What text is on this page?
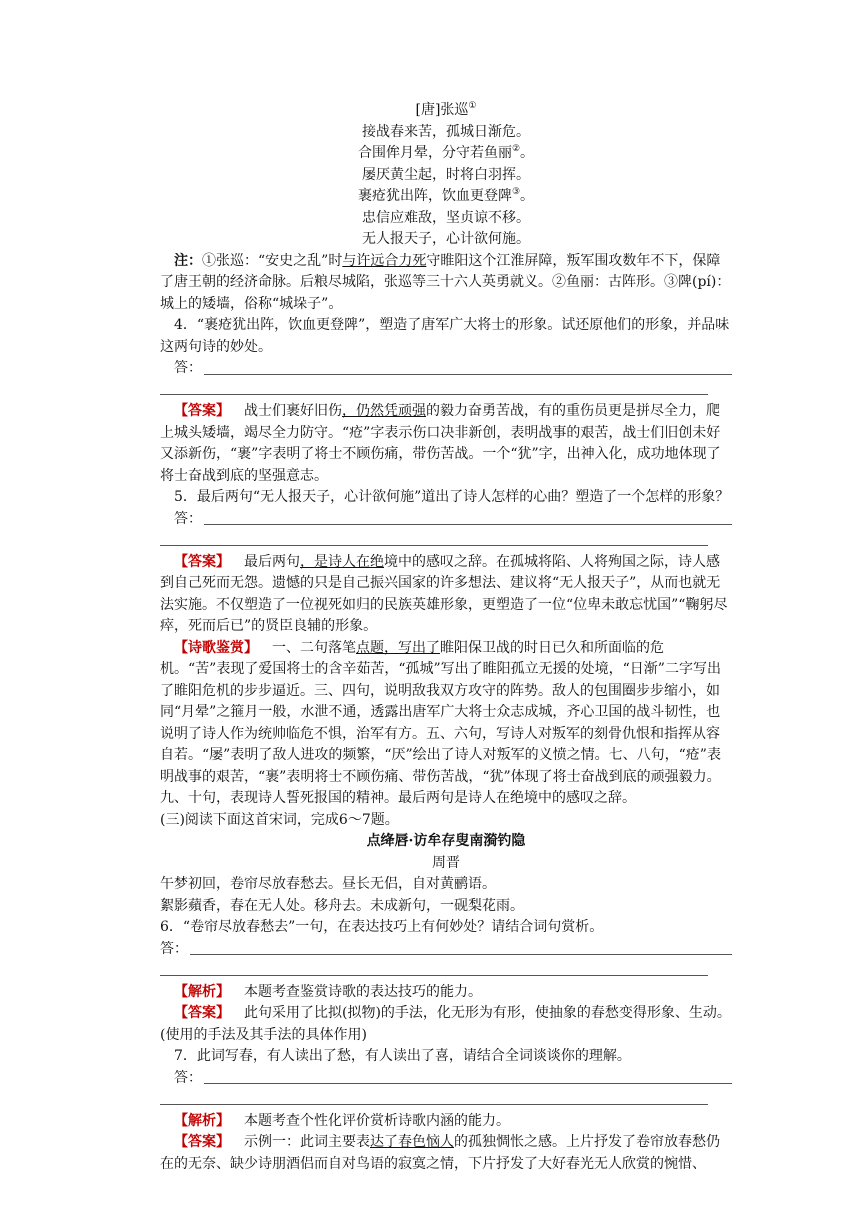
[唐]张巡①
接战春来苦，孤城日渐危。
合围侔月晕，分守若鱼丽②。
屡厌黄尘起，时将白羽挥。
裹疮犹出阵，饮血更登陴③。
忠信应难敌，坚贞谅不移。
无人报天子，心计欲何施。

注：①张巡：“安史之乱”时与许远合力死守睢阳这个江淮屏障，叛军围攻数年不下，保障了唐王朝的经济命脉。后粮尽城陷，张巡等三十六人英勇就义。②鱼丽：古阵形。③陴(pí)：城上的矮墙，俗称“城垛子”。

4．“裹疮犹出阵，饮血更登陴”，塑造了唐军广大将士的形象。试还原他们的形象，并品味这两句诗的妙处。

答：

【答案】 战士们裹好旧伤，仍然凭顽强的毅力奋勇苦战，有的重伤员更是拼尽全力，爬上城头矮墙，竭尽全力防守。“疮”字表示伤口决非新创，表明战事的艰苦，战士们旧创未好又添新伤，“裹”字表明了将士不顾伤痛，带伤苦战。一个“犹”字，出神入化，成功地体现了将士奋战到底的坚强意志。

5．最后两句“无人报天子，心计欲何施”道出了诗人怎样的心曲？塑造了一个怎样的形象？

答：

【答案】 最后两句，是诗人在绝境中的感叹之辞。在孤城将陷、人将殉国之际，诗人感到自己死而无怨。遗憾的只是自己振兴国家的许多想法、建议将“无人报天子”，从而也就无法实施。不仅塑造了一位视死如归的民族英雄形象，更塑造了一位“位卑未敢忘忧国”“鞠躬尽瘁，死而后已”的贤臣良辅的形象。

【诗歌鉴赏】 一、二句落笔点题，写出了睢阳保卫战的时日已久和所面临的危机。“苦”表现了爱国将士的含辛茹苦，“孤城”写出了睢阳孤立无援的处境，“日渐”二字写出了睢阳危机的步步逼近。三、四句，说明敌我双方攻守的阵势。敌人的包围圈步步缩小，如同“月晕”之箍月一般，水泄不通，透露出唐军广大将士众志成城，齐心卫国的战斗韧性，也说明了诗人作为统帅临危不惧，治军有方。五、六句，写诗人对叛军的刻骨仇恨和指挥从容自若。“屡”表明了敌人进攻的频繁，“厌”绘出了诗人对叛军的义愤之情。七、八句，“疮”表明战事的艰苦，“裹”表明将士不顾伤痛、带伤苦战，“犹”体现了将士奋战到底的顽强毅力。九、十句，表现诗人誓死报国的精神。最后两句是诗人在绝境中的感叹之辞。

(三)阅读下面这首宋词，完成6～7题。

点绛唇·访牟存叟南漪钓隐
周晋

午梦初回，卷帘尽放春愁去。昼长无侣，自对黄鹂语。

絮影蘋香，春在无人处。移舟去。未成新句，一砚梨花雨。

6．“卷帘尽放春愁去”一句，在表达技巧上有何妙处？请结合词句赏析。

答：

【解析】 本题考查鉴赏诗歌的表达技巧的能力。

【答案】 此句采用了比拟(拟物)的手法，化无形为有形，使抽象的春愁变得形象、生动。(使用的手法及其手法的具体作用)

7．此词写春，有人读出了愁，有人读出了喜，请结合全词谈谈你的理解。

答：

【解析】 本题考查个性化评价赏析诗歌内涵的能力。

【答案】 示例一：此词主要表达了春色恼人的孤独惆怅之感。上片抒发了卷帘放春愁仍在的无奈、缺少诗朋酒侣而自对鸟语的寂寞之情，下片抒发了大好春光无人欣赏的惋惜、
